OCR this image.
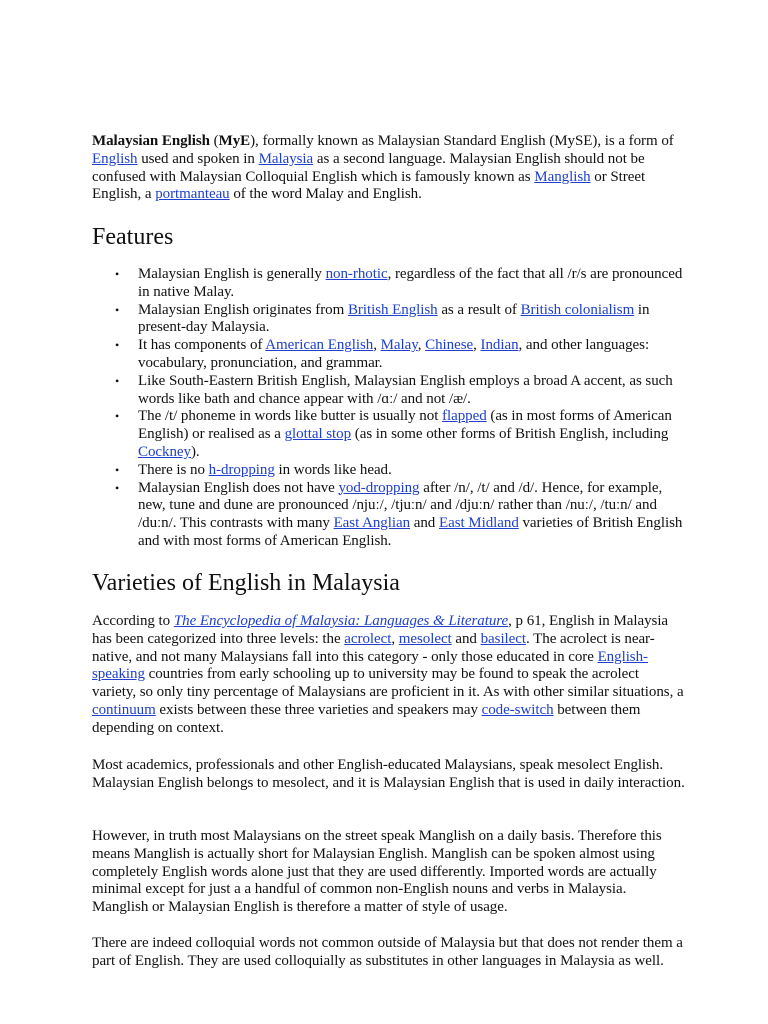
Malaysian English (MyE), formally known as Malaysian Standard English (MySE), is a form of English used and spoken in Malaysia as a second language. Malaysian English should not be confused with Malaysian Colloquial English which is famously known as Manglish or Street English, a portmanteau of the word Malay and English.

Features
• Malaysian English is generally non-rhotic, regardless of the fact that all /r/s are pronounced in native Malay.
• Malaysian English originates from British English as a result of British colonialism in present-day Malaysia.
• It has components of American English, Malay, Chinese, Indian, and other languages: vocabulary, pronunciation, and grammar.
• Like South-Eastern British English, Malaysian English employs a broad A accent, as such words like bath and chance appear with /ɑː/ and not /æ/.
• The /t/ phoneme in words like butter is usually not flapped (as in most forms of American English) or realised as a glottal stop (as in some other forms of British English, including Cockney).
• There is no h-dropping in words like head.
• Malaysian English does not have yod-dropping after /n/, /t/ and /d/. Hence, for example, new, tune and dune are pronounced /njuː/, /tjuːn/ and /djuːn/ rather than /nuː/, /tuːn/ and /duːn/. This contrasts with many East Anglian and East Midland varieties of British English and with most forms of American English.
Varieties of English in Malaysia

According to The Encyclopedia of Malaysia: Languages & Literature, p 61, English in Malaysia has been categorized into three levels: the acrolect, mesolect and basilect. The acrolect is near-native, and not many Malaysians fall into this category - only those educated in core English-speaking countries from early schooling up to university may be found to speak the acrolect variety, so only tiny percentage of Malaysians are proficient in it. As with other similar situations, a continuum exists between these three varieties and speakers may code-switch between them depending on context.

Most academics, professionals and other English-educated Malaysians, speak mesolect English. Malaysian English belongs to mesolect, and it is Malaysian English that is used in daily interaction.

However, in truth most Malaysians on the street speak Manglish on a daily basis. Therefore this means Manglish is actually short for Malaysian English. Manglish can be spoken almost using completely English words alone just that they are used differently. Imported words are actually minimal except for just a a handful of common non-English nouns and verbs in Malaysia. Manglish or Malaysian English is therefore a matter of style of usage.

There are indeed colloquial words not common outside of Malaysia but that does not render them a part of English. They are used colloquially as substitutes in other languages in Malaysia as well.
